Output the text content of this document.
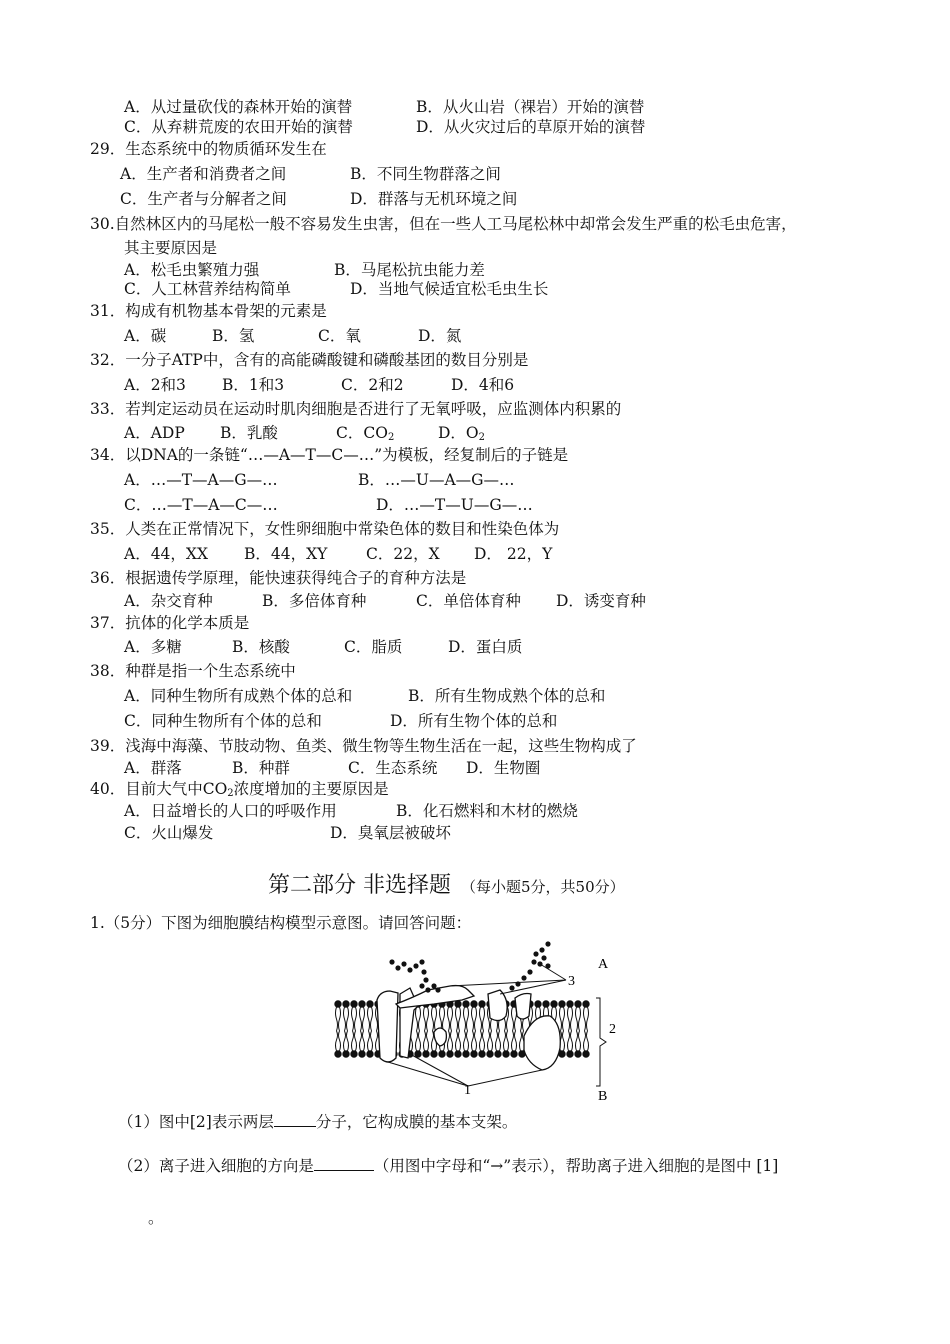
A．从过量砍伐的森林开始的演替	B．从火山岩（裸岩）开始的演替
C．从弃耕荒废的农田开始的演替	D．从火灾过后的草原开始的演替
29．生态系统中的物质循环发生在
A．生产者和消费者之间	B．不同生物群落之间
C．生产者与分解者之间	D．群落与无机环境之间
30.自然林区内的马尾松一般不容易发生虫害，但在一些人工马尾松林中却常会发生严重的松毛虫危害，
其主要原因是
A．松毛虫繁殖力强	B．马尾松抗虫能力差
C．人工林营养结构简单	D．当地气候适宜松毛虫生长
31．构成有机物基本骨架的元素是
A．碳	B．氢	C．氧	D．氮
32．一分子ATP中，含有的高能磷酸键和磷酸基团的数目分别是
A．2和3 B．1和3	C．2和2	D．4和6
33．若判定运动员在运动时肌肉细胞是否进行了无氧呼吸，应监测体内积累的
A．ADP B．乳酸	C．$CO_2$	D．$O_2$
34．以DNA的一条链“…—A—T—C—…”为模板，经复制后的子链是
A．…—T—A—G—…	B．…—U—A—G—…
C．…—T—A—C—…	D．…—T—U—G—…
35．人类在正常情况下，女性卵细胞中常染色体的数目和性染色体为
A．44，XX B．44，XY C．22，X D． 22，Y
36．根据遗传学原理，能快速获得纯合子的育种方法是
A．杂交育种	B．多倍体育种	C．单倍体育种 D．诱变育种
37．抗体的化学本质是
A．多糖	B．核酸	C．脂质	D．蛋白质
38．种群是指一个生态系统中
A．同种生物所有成熟个体的总和	B．所有生物成熟个体的总和
C．同种生物所有个体的总和	D．所有生物个体的总和
39．浅海中海藻、节肢动物、鱼类、微生物等生物生活在一起，这些生物构成了
A．群落	B．种群	C．生态系统 D．生物圈
40．目前大气中$CO_2$浓度增加的主要原因是
A．日益增长的人口的呼吸作用	B．化石燃料和木材的燃烧
C．火山爆发	D．臭氧层被破坏
第二部分 非选择题 （每小题5分，共50分）
1.（5分）下图为细胞膜结构模型示意图。请回答问题：
A
3
2
1	B
（1）图中[2]表示两层	分子，它构成膜的基本支架。
（2）离子进入细胞的方向是	（用图中字母和“→”表示），帮助离子进入细胞的是图中 [1]
。
